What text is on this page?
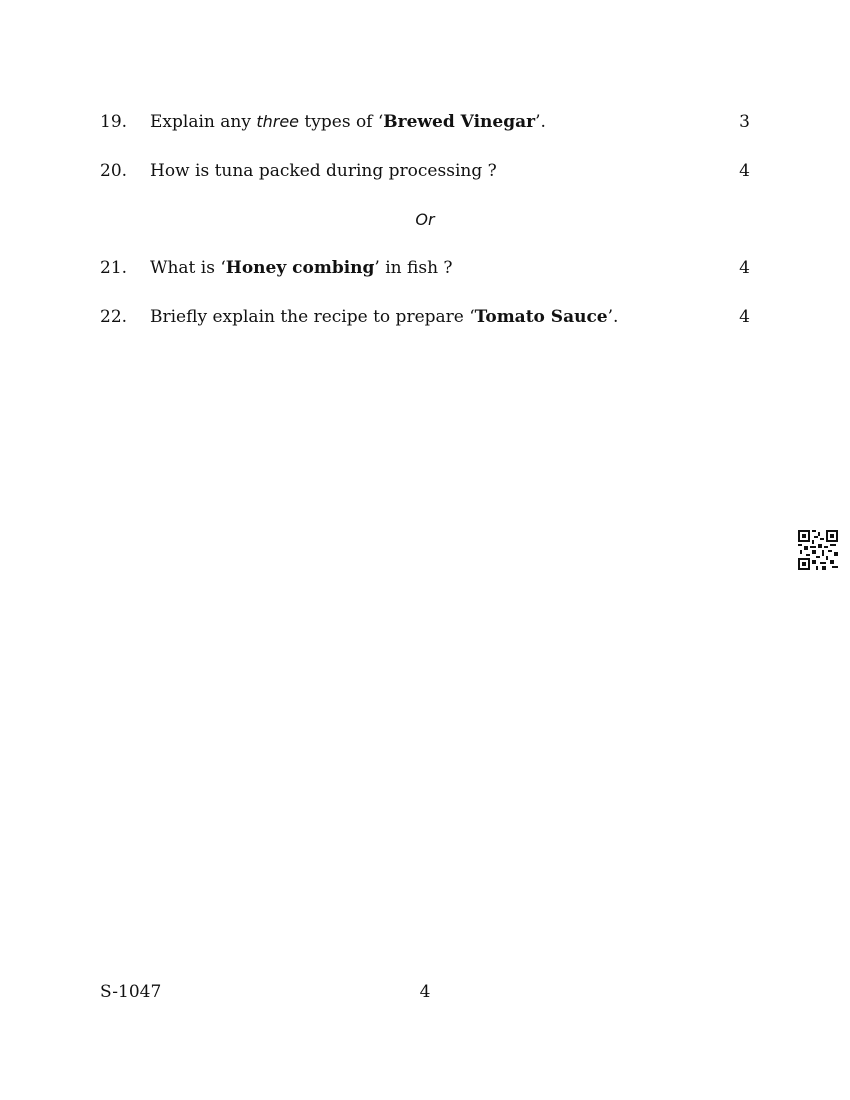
19. Explain any three types of ‘Brewed Vinegar’.	3
20. How is tuna packed during processing ?	4
Or
21. What is ‘Honey combing’ in fish ?	4
22. Briefly explain the recipe to prepare ‘Tomato Sauce’.	4
S-1047	4
